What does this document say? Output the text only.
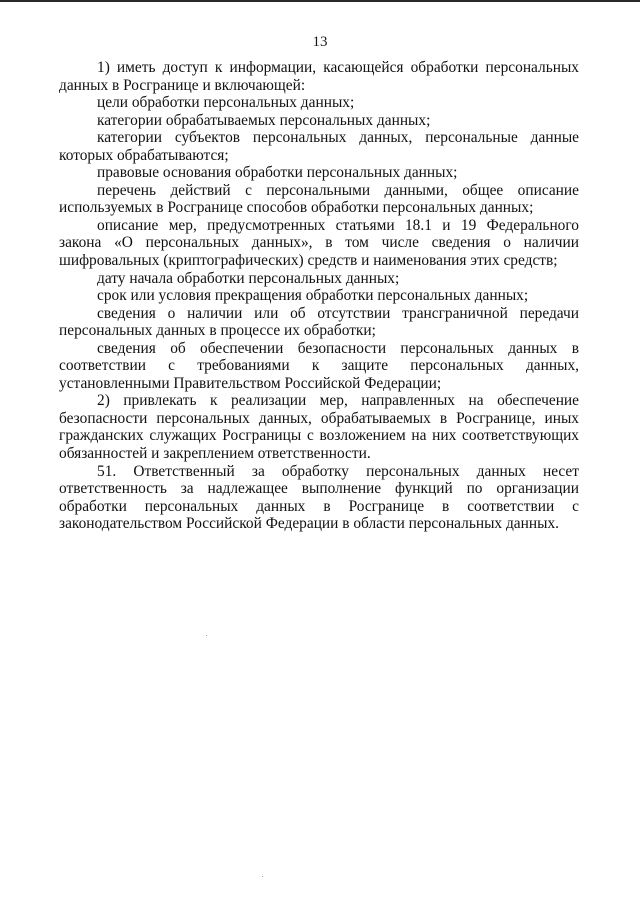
13

1) иметь доступ к информации, касающейся обработки персональных данных в Росгранице и включающей:

цели обработки персональных данных;

категории обрабатываемых персональных данных;

категории субъектов персональных данных, персональные данные которых обрабатываются;

правовые основания обработки персональных данных;

перечень действий с персональными данными, общее описание используемых в Росгранице способов обработки персональных данных;

описание мер, предусмотренных статьями 18.1 и 19 Федерального закона «О персональных данных», в том числе сведения о наличии шифровальных (криптографических) средств и наименования этих средств;

дату начала обработки персональных данных;

срок или условия прекращения обработки персональных данных;

сведения о наличии или об отсутствии трансграничной передачи персональных данных в процессе их обработки;

сведения об обеспечении безопасности персональных данных в соответствии с требованиями к защите персональных данных, установленными Правительством Российской Федерации;

2) привлекать к реализации мер, направленных на обеспечение безопасности персональных данных, обрабатываемых в Росгранице, иных гражданских служащих Росграницы с возложением на них соответствующих обязанностей и закреплением ответственности.

51. Ответственный за обработку персональных данных несет ответственность за надлежащее выполнение функций по организации обработки персональных данных в Росгранице в соответствии с законодательством Российской Федерации в области персональных данных.
